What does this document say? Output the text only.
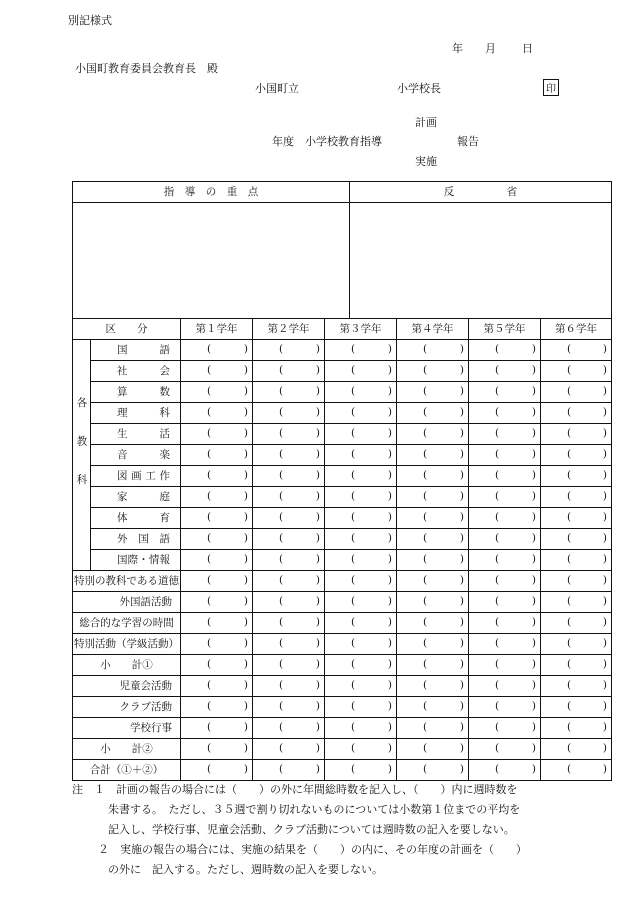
別記様式
年 月 日
小国町教育委員会教育長　殿
小国町立	小学校長	印
計画
年度　小学校教育指導	報告
実施
指　導　の　重　点	反　　　　　省

区　　分		第１学年	第２学年	第３学年	第４学年	第５学年	第６学年
各教科	国語	( )	( )	( )	( )	( )	( )

	社会	( )	( )	( )	( )	( )	( )

	算数	( )	( )	( )	( )	( )	( )

	理科	( )	( )	( )	( )	( )	( )

	生活	( )	( )	( )	( )	( )	( )

	音楽	( )	( )	( )	( )	( )	( )

	図画工作	( )	( )	( )	( )	( )	( )

	家庭	( )	( )	( )	( )	( )	( )

	体育	( )	( )	( )	( )	( )	( )

	外国語	( )	( )	( )	( )	( )	( )

	国際・情報	( )	( )	( )	( )	( )	( )

特別の教科である道徳		( )	( )	( )	( )	( )	( )

外国語活動		( )	( )	( )	( )	( )	( )

総合的な学習の時間		( )	( )	( )	( )	( )	( )

特別活動（学級活動）		( )	( )	( )	( )	( )	( )

小　　計①		( )	( )	( )	( )	( )	( )

児童会活動		( )	( )	( )	( )	( )	( )

クラブ活動		( )	( )	( )	( )	( )	( )

学校行事		( )	( )	( )	( )	( )	( )

小　　計②		( )	( )	( )	( )	( )	( )

合計（①＋②）		( )	( )	( )	( )	( )	( )
注　１　計画の報告の場合には（　　）の外に年間総時数を記入し、（　　）内に週時数を
朱書する。　ただし、３５週で割り切れないものについては小数第１位までの平均を
記入し、学校行事、児童会活動、クラブ活動については週時数の記入を要しない。
２　実施の報告の場合には、実施の結果を（　　）の内に、その年度の計画を（　　）
の外に　記入する。ただし、週時数の記入を要しない。
